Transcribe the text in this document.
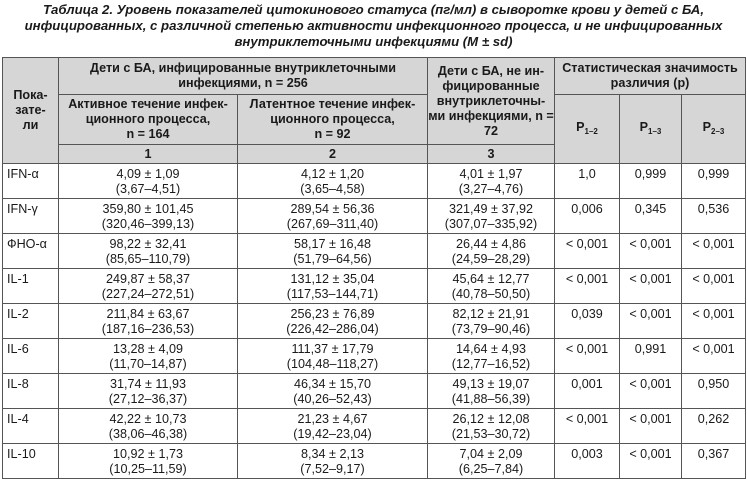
Таблица 2. Уровень показателей цитокинового статуса (пг/мл) в сыворотке крови у детей с БА,
инфицированных, с различной степенью активности инфекционного процесса, и не инфицированных
внутриклеточными инфекциями (M ± sd)
Пока-
зате-
ли	Дети с БА, инфицированные внутриклеточными инфекциями, n = 256		Дети с БА, не ин-
фицированные
внутриклеточны-
ми инфекциями, n = 72	Статистическая значимость различия (p)		
	Активное течение инфек-
ционного процесса,
n = 164	Латентное течение инфек-
ционного процесса,
n = 92		$P_{1-2}$	$P_{1-3}$	$P_{2-3}$
	1	2	3			
IFN-α	4,09 ± 1,09
(3,67–4,51)	4,12 ± 1,20
(3,65–4,58)	4,01 ± 1,97
(3,27–4,76)	1,0	0,999	0,999
IFN-γ	359,80 ± 101,45
(320,46–399,13)	289,54 ± 56,36
(267,69–311,40)	321,49 ± 37,92
(307,07–335,92)	0,006	0,345	0,536
ФНО-α	98,22 ± 32,41
(85,65–110,79)	58,17 ± 16,48
(51,79–64,56)	26,44 ± 4,86
(24,59–28,29)	< 0,001	< 0,001	< 0,001
IL-1	249,87 ± 58,37
(227,24–272,51)	131,12 ± 35,04
(117,53–144,71)	45,64 ± 12,77
(40,78–50,50)	< 0,001	< 0,001	< 0,001
IL-2	211,84 ± 63,67
(187,16–236,53)	256,23 ± 76,89
(226,42–286,04)	82,12 ± 21,91
(73,79–90,46)	0,039	< 0,001	< 0,001
IL-6	13,28 ± 4,09
(11,70–14,87)	111,37 ± 17,79
(104,48–118,27)	14,64 ± 4,93
(12,77–16,52)	< 0,001	0,991	< 0,001
IL-8	31,74 ± 11,93
(27,12–36,37)	46,34 ± 15,70
(40,26–52,43)	49,13 ± 19,07
(41,88–56,39)	0,001	< 0,001	0,950
IL-4	42,22 ± 10,73
(38,06–46,38)	21,23 ± 4,67
(19,42–23,04)	26,12 ± 12,08
(21,53–30,72)	< 0,001	< 0,001	0,262
IL-10	10,92 ± 1,73
(10,25–11,59)	8,34 ± 2,13
(7,52–9,17)	7,04 ± 2,09
(6,25–7,84)	0,003	< 0,001	0,367
